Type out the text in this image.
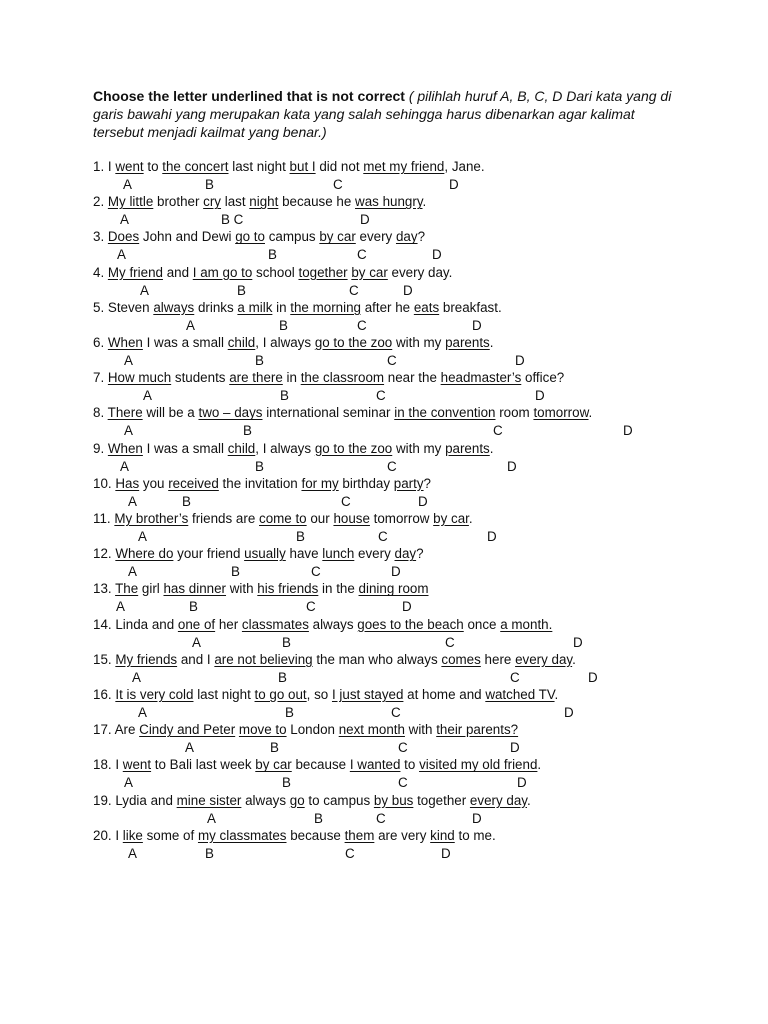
Choose the letter underlined that is not correct ( pilihlah huruf A, B, C, D Dari kata yang di garis bawahi yang merupakan kata yang salah sehingga harus dibenarkan agar kalimat tersebut menjadi kailmat yang benar.)

1. I went to the concert last night but I did not met my friend, Jane.

A	B	C	D

2. My little brother cry last night because he was hungry.

A	B C	D

3. Does John and Dewi go to campus by car every day?

A	B	C	D

4. My friend and I am go to school together by car every day.

A	B	C	D

5. Steven always drinks a milk in the morning after he eats breakfast.

A	B	C	D

6. When I was a small child, I always go to the zoo with my parents.

A	B	C	D

7. How much students are there in the classroom near the headmaster’s office?

A	B	C	D

8. There will be a two – days international seminar in the convention room tomorrow.

A	B	C	D

9. When I was a small child, I always go to the zoo with my parents.

A	B	C	D

10. Has you received the invitation for my birthday party?

A	B	C	D

11. My brother’s friends are come to our house tomorrow by car.

A	B	C	D

12. Where do your friend usually have lunch every day?

A	B	C	D

13. The girl has dinner with his friends in the dining room

A	B	C	D

14. Linda and one of her classmates always goes to the beach once a month.

A	B	C	D

15. My friends and I are not believing the man who always comes here every day.

A	B	C	D

16. It is very cold last night to go out, so I just stayed at home and watched TV.

A	B	C	D

17. Are Cindy and Peter move to London next month with their parents?

A	B	C	D

18. I went to Bali last week by car because I wanted to visited my old friend.

A	B	C	D

19. Lydia and mine sister always go to campus by bus together every day.

A	B	C	D

20. I like some of my classmates because them are very kind to me.

A	B	C	D
